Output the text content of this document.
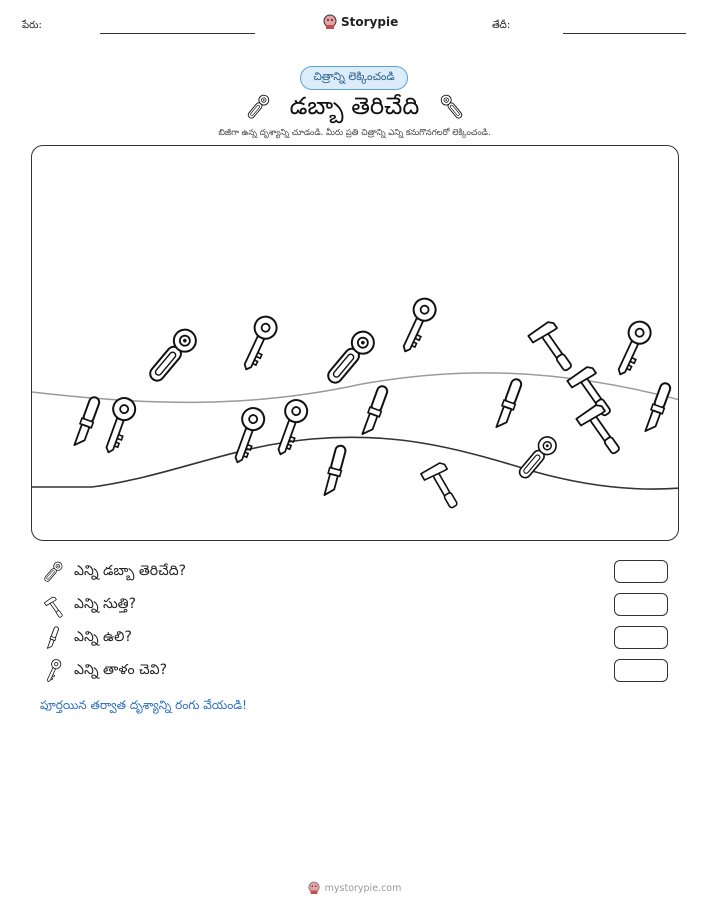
పేరు:	Storypie	తేదీ:
చిత్రాన్ని లెక్కించండి
డబ్బా తెరిచేది
బిజీగా ఉన్న దృశ్యాన్ని చూడండి. మీరు ప్రతి చిత్రాన్ని ఎన్ని కనుగొనగలరో లెక్కించండి.
ఎన్ని డబ్బా తెరిచేది?
ఎన్ని సుత్తి?
ఎన్ని ఉలి?
ఎన్ని తాళం చెవి?
పూర్తయిన తర్వాత దృశ్యాన్ని రంగు వేయండి!
mystorypie.com
